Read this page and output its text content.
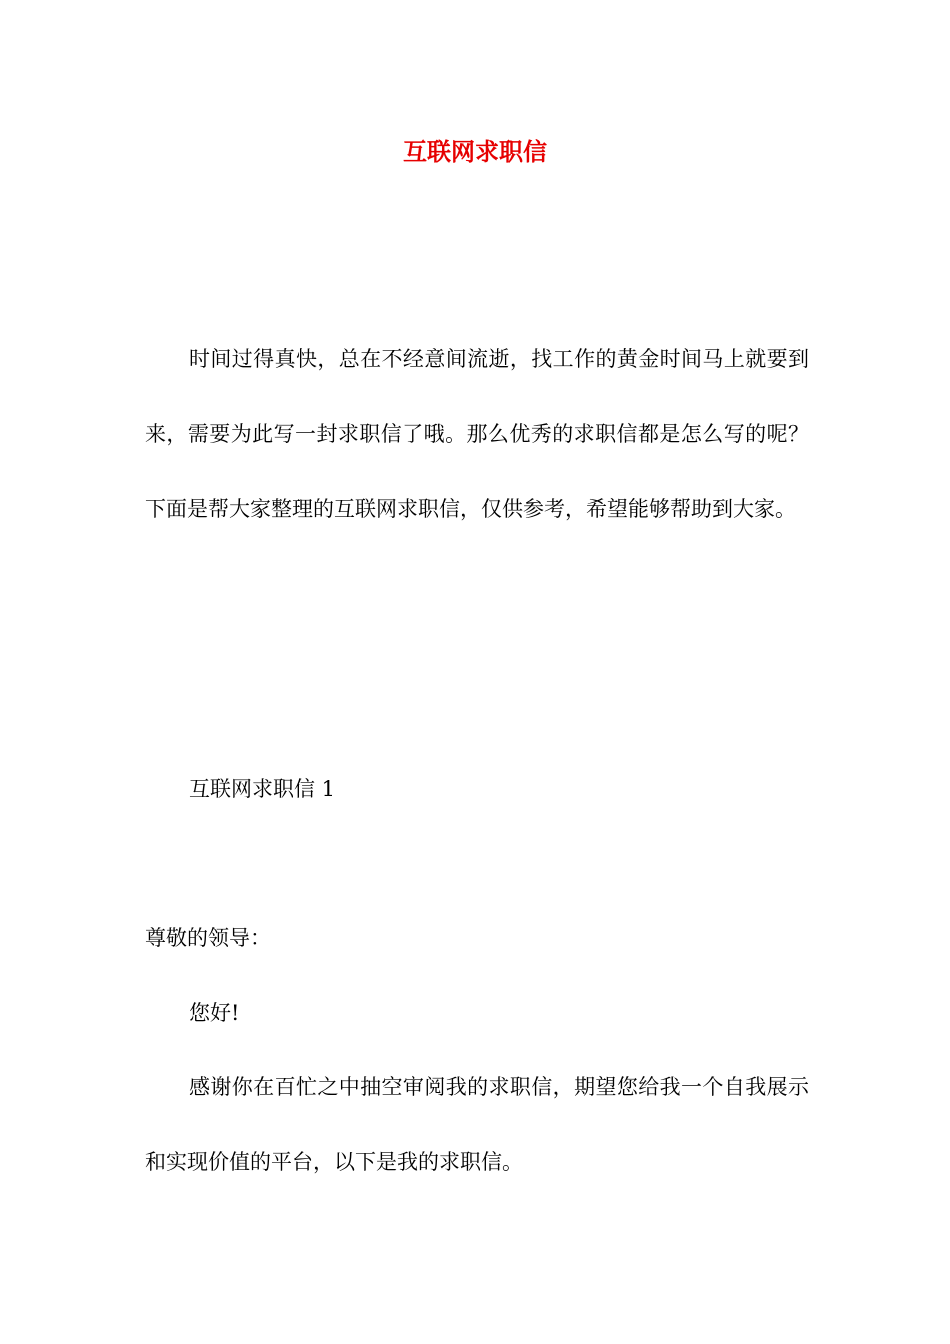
互联网求职信

时间过得真快，总在不经意间流逝，找工作的黄金时间马上就要到来，需要为此写一封求职信了哦。那么优秀的求职信都是怎么写的呢？下面是帮大家整理的互联网求职信，仅供参考，希望能够帮助到大家。

互联网求职信 1

尊敬的领导：

您好!

感谢你在百忙之中抽空审阅我的求职信，期望您给我一个自我展示和实现价值的平台，以下是我的求职信。
